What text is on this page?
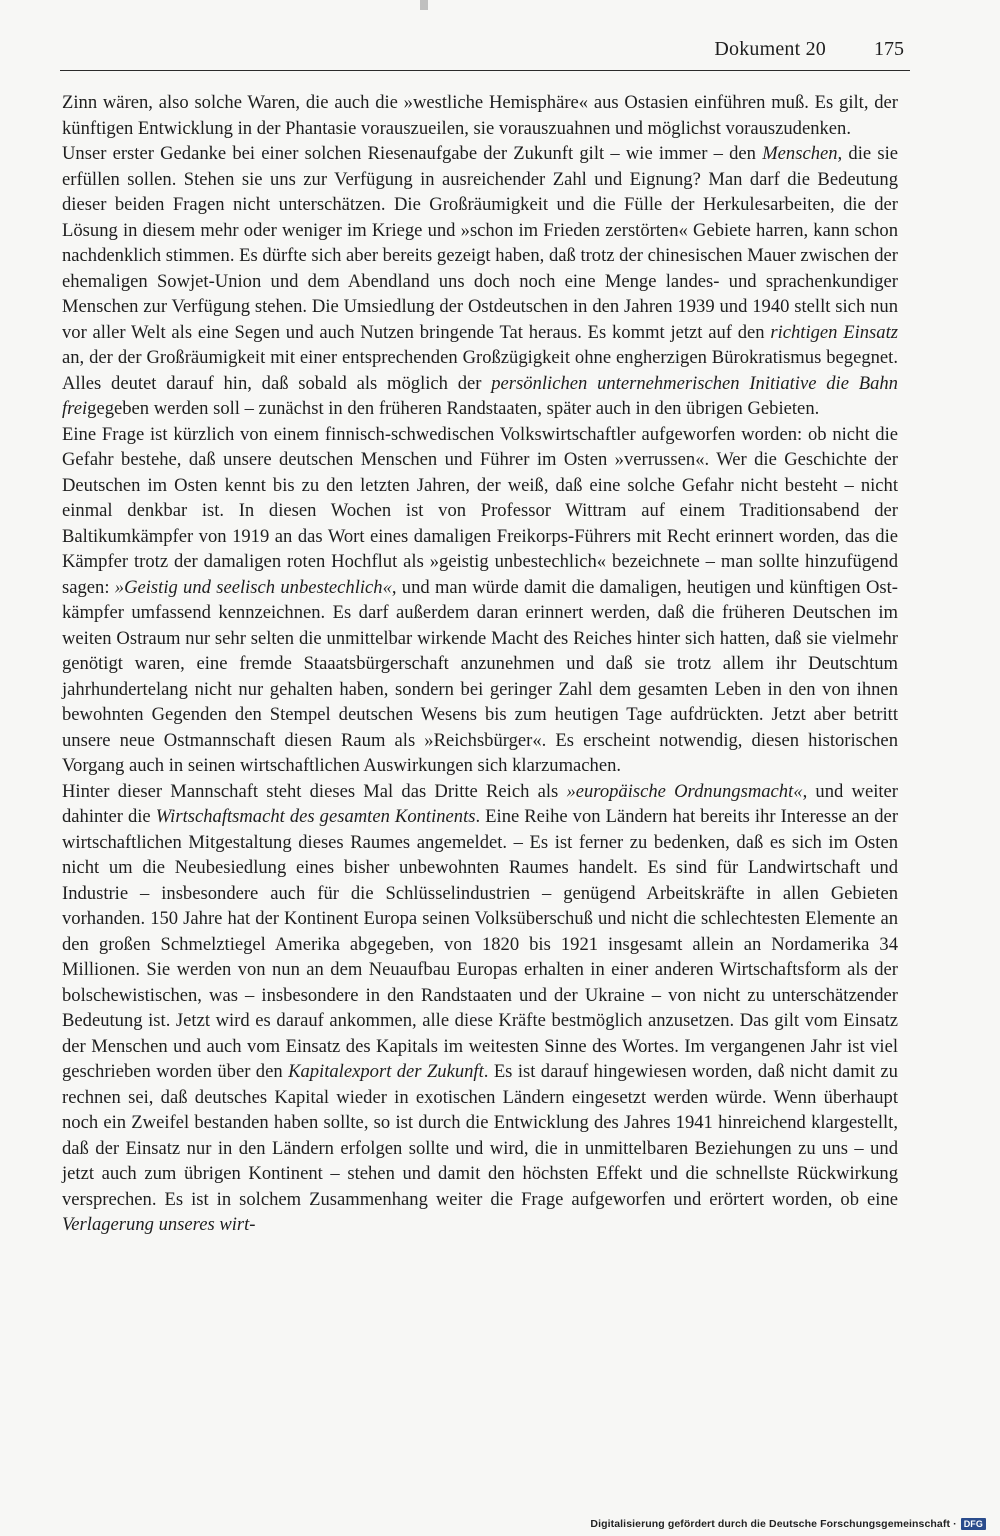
Dokument 20 175

Zinn wären, also solche Waren, die auch die »westliche Hemisphäre« aus Ostasien einführen muß. Es gilt, der künftigen Entwicklung in der Phantasie vorauszueilen, sie vorauszuahnen und möglichst vorauszudenken.

Unser erster Gedanke bei einer solchen Riesenaufgabe der Zukunft gilt – wie immer – den Menschen, die sie erfüllen sollen. Stehen sie uns zur Verfügung in ausreichender Zahl und Eignung? Man darf die Bedeutung dieser beiden Fragen nicht unterschätzen. Die Großräumigkeit und die Fülle der Herkulesarbeiten, die der Lösung in diesem mehr oder weniger im Kriege und »schon im Frieden zerstörten« Gebiete harren, kann schon nachdenklich stimmen. Es dürfte sich aber bereits gezeigt haben, daß trotz der chinesischen Mauer zwischen der ehemaligen Sowjet-Union und dem Abendland uns doch noch eine Menge landes- und sprachenkundiger Menschen zur Verfügung stehen. Die Umsiedlung der Ostdeutschen in den Jahren 1939 und 1940 stellt sich nun vor aller Welt als eine Segen und auch Nutzen bringende Tat heraus. Es kommt jetzt auf den richtigen Einsatz an, der der Großräumigkeit mit einer entsprechenden Großzügigkeit ohne engherzigen Bürokratismus begegnet. Alles deutet darauf hin, daß sobald als möglich der persönlichen unternehmerischen Initiative die Bahn freigegeben werden soll – zunächst in den früheren Randstaaten, später auch in den übrigen Gebieten.

Eine Frage ist kürzlich von einem finnisch-schwedischen Volkswirtschaftler aufgeworfen worden: ob nicht die Gefahr bestehe, daß unsere deutschen Menschen und Führer im Osten »verrussen«. Wer die Geschichte der Deutschen im Osten kennt bis zu den letzten Jahren, der weiß, daß eine solche Gefahr nicht besteht – nicht einmal denkbar ist. In diesen Wochen ist von Professor Wittram auf einem Traditionsabend der Baltikumkämpfer von 1919 an das Wort eines damaligen Freikorps-Führers mit Recht erinnert worden, das die Kämpfer trotz der damaligen roten Hochflut als »geistig unbestechlich« bezeichnete – man sollte hinzufügend sagen: »Geistig und seelisch unbestechlich«, und man würde damit die damaligen, heutigen und künftigen Ostkämpfer umfassend kennzeichnen. Es darf außerdem daran erinnert werden, daß die früheren Deutschen im weiten Ostraum nur sehr selten die unmittelbar wirkende Macht des Reiches hinter sich hatten, daß sie vielmehr genötigt waren, eine fremde Staaatsbürgerschaft anzunehmen und daß sie trotz allem ihr Deutschtum jahrhundertelang nicht nur gehalten haben, sondern bei geringer Zahl dem gesamten Leben in den von ihnen bewohnten Gegenden den Stempel deutschen Wesens bis zum heutigen Tage aufdrückten. Jetzt aber betritt unsere neue Ostmannschaft diesen Raum als »Reichsbürger«. Es erscheint notwendig, diesen historischen Vorgang auch in seinen wirtschaftlichen Auswirkungen sich klarzumachen.

Hinter dieser Mannschaft steht dieses Mal das Dritte Reich als »europäische Ordnungsmacht«, und weiter dahinter die Wirtschaftsmacht des gesamten Kontinents. Eine Reihe von Ländern hat bereits ihr Interesse an der wirtschaftlichen Mitgestaltung dieses Raumes angemeldet. – Es ist ferner zu bedenken, daß es sich im Osten nicht um die Neubesiedlung eines bisher unbewohnten Raumes handelt. Es sind für Landwirtschaft und Industrie – insbesondere auch für die Schlüsselindustrien – genügend Arbeitskräfte in allen Gebieten vorhanden. 150 Jahre hat der Kontinent Europa seinen Volksüberschuß und nicht die schlechtesten Elemente an den großen Schmelztiegel Amerika abgegeben, von 1820 bis 1921 insgesamt allein an Nordamerika 34 Millionen. Sie werden von nun an dem Neuaufbau Europas erhalten in einer anderen Wirtschaftsform als der bolschewistischen, was – insbesondere in den Randstaaten und der Ukraine – von nicht zu unterschätzender Bedeutung ist. Jetzt wird es darauf ankommen, alle diese Kräfte bestmöglich anzusetzen. Das gilt vom Einsatz der Menschen und auch vom Einsatz des Kapitals im weitesten Sinne des Wortes. Im vergangenen Jahr ist viel geschrieben worden über den Kapitalexport der Zukunft. Es ist darauf hingewiesen worden, daß nicht damit zu rechnen sei, daß deutsches Kapital wieder in exotischen Ländern eingesetzt werden würde. Wenn überhaupt noch ein Zweifel bestanden haben sollte, so ist durch die Entwicklung des Jahres 1941 hinreichend klargestellt, daß der Einsatz nur in den Ländern erfolgen sollte und wird, die in unmittelbaren Beziehungen zu uns – und jetzt auch zum übrigen Kontinent – stehen und damit den höchsten Effekt und die schnellste Rückwirkung versprechen. Es ist in solchem Zusammenhang weiter die Frage aufgeworfen und erörtert worden, ob eine Verlagerung unseres wirt-

Digitalisierung gefördert durch die Deutsche Forschungsgemeinschaft · DFG
